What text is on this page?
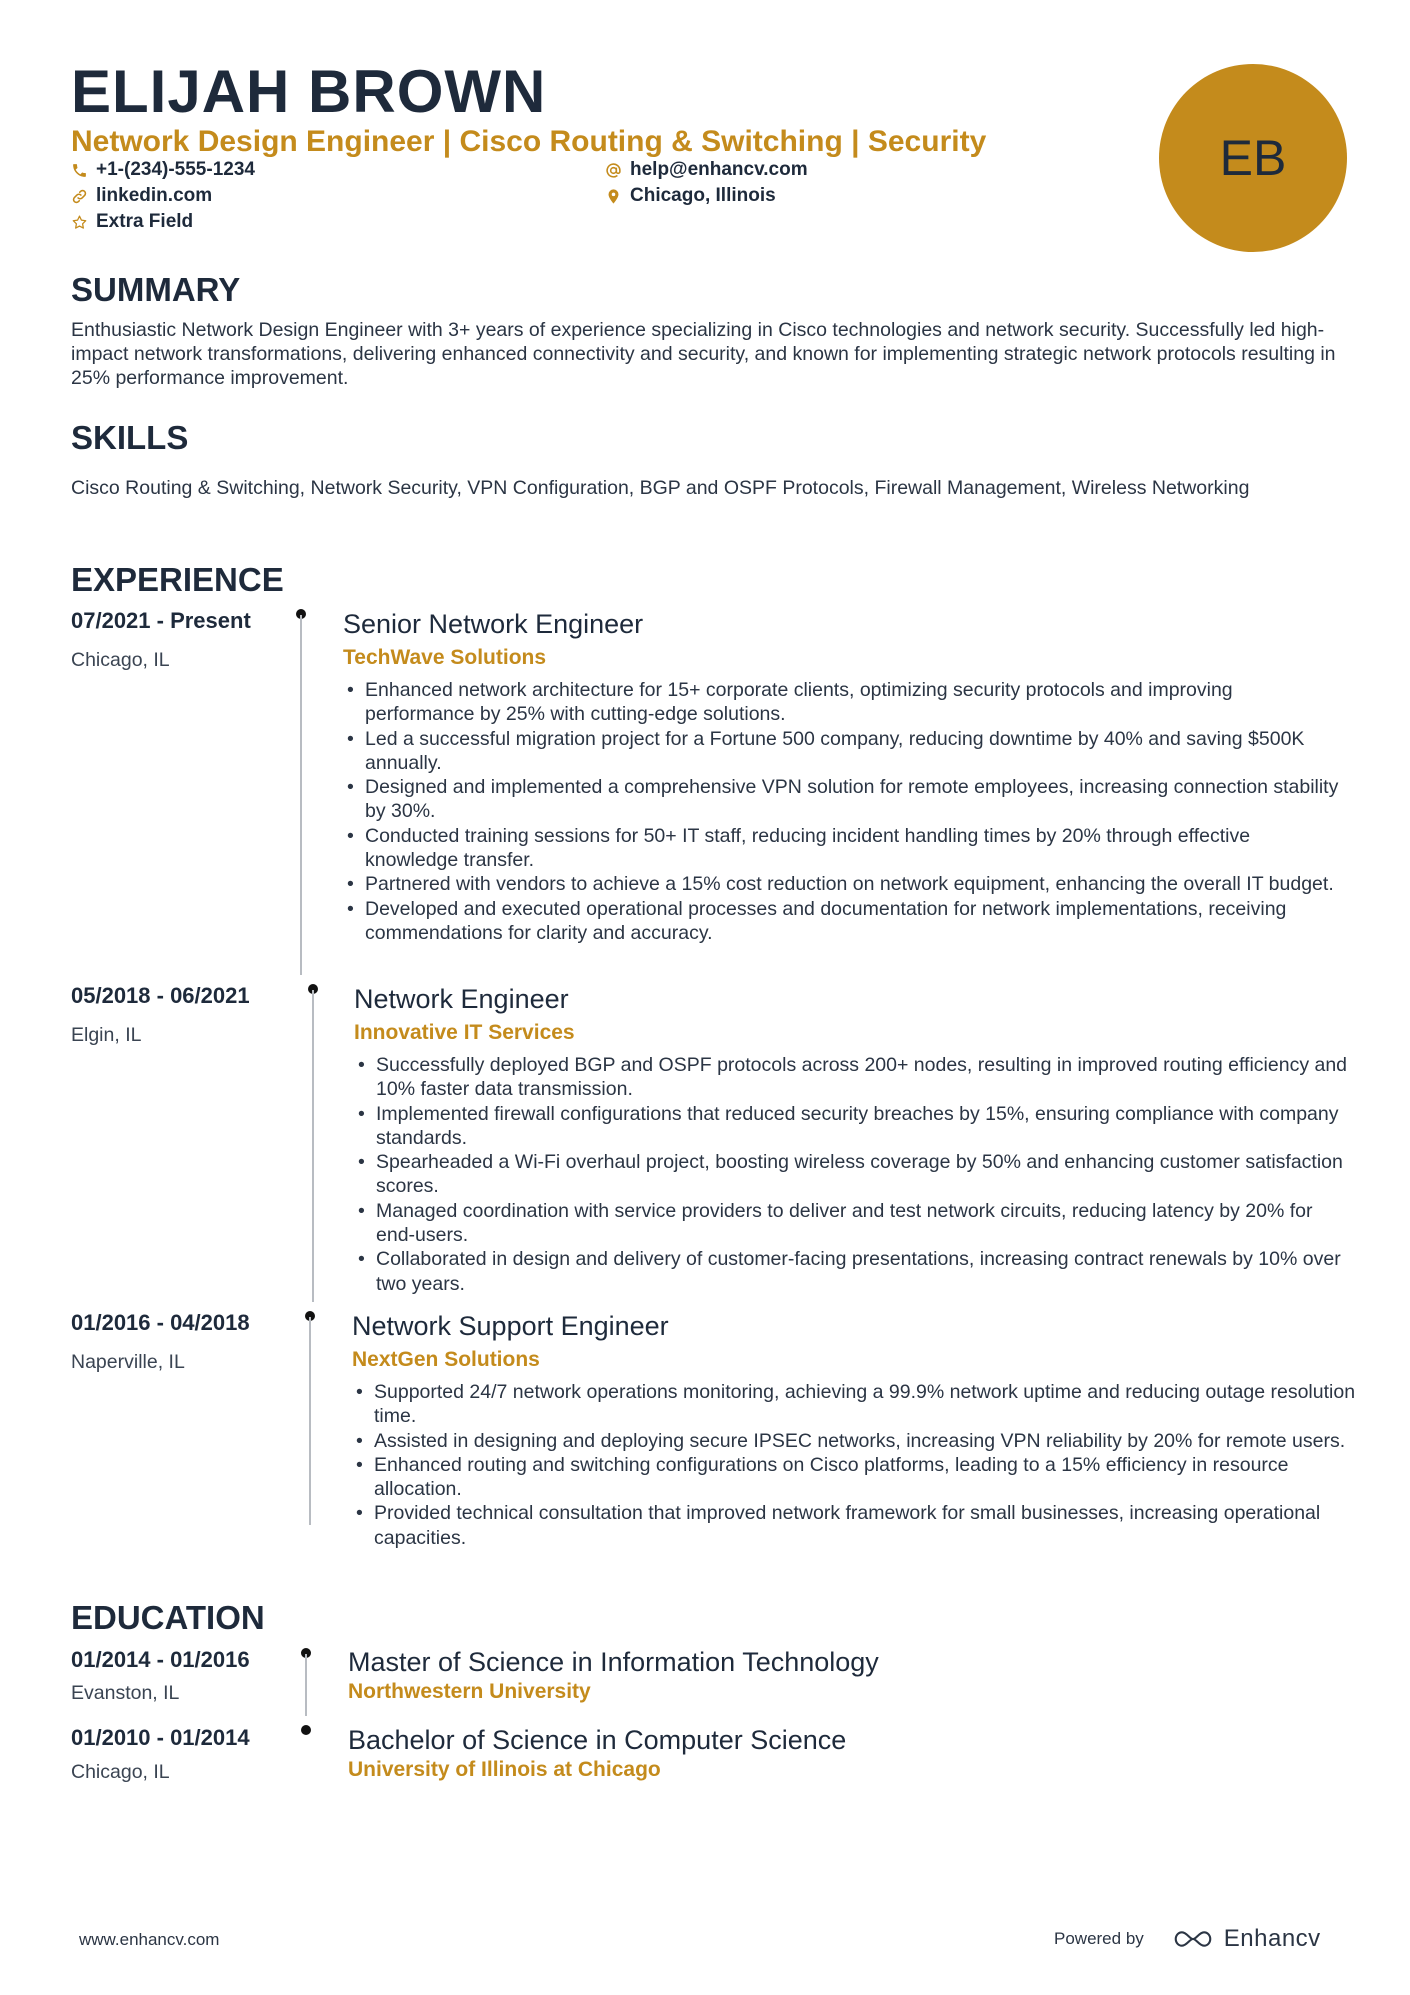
ELIJAH BROWN
Network Design Engineer | Cisco Routing & Switching | Security
+1-(234)-555-1234	help@enhancv.com
linkedin.com	Chicago, Illinois
Extra Field
EB
SUMMARY
Enthusiastic Network Design Engineer with 3+ years of experience specializing in Cisco technologies and network security. Successfully led high-impact network transformations, delivering enhanced connectivity and security, and known for implementing strategic network protocols resulting in 25% performance improvement.
SKILLS
Cisco Routing & Switching, Network Security, VPN Configuration, BGP and OSPF Protocols, Firewall Management, Wireless Networking
EXPERIENCE
07/2021 - Present
Chicago, IL
Senior Network Engineer
TechWave Solutions
• Enhanced network architecture for 15+ corporate clients, optimizing security protocols and improving performance by 25% with cutting-edge solutions.
• Led a successful migration project for a Fortune 500 company, reducing downtime by 40% and saving $500K annually.
• Designed and implemented a comprehensive VPN solution for remote employees, increasing connection stability by 30%.
• Conducted training sessions for 50+ IT staff, reducing incident handling times by 20% through effective knowledge transfer.
• Partnered with vendors to achieve a 15% cost reduction on network equipment, enhancing the overall IT budget.
• Developed and executed operational processes and documentation for network implementations, receiving commendations for clarity and accuracy.
05/2018 - 06/2021
Elgin, IL
Network Engineer
Innovative IT Services
• Successfully deployed BGP and OSPF protocols across 200+ nodes, resulting in improved routing efficiency and 10% faster data transmission.
• Implemented firewall configurations that reduced security breaches by 15%, ensuring compliance with company standards.
• Spearheaded a Wi-Fi overhaul project, boosting wireless coverage by 50% and enhancing customer satisfaction scores.
• Managed coordination with service providers to deliver and test network circuits, reducing latency by 20% for end-users.
• Collaborated in design and delivery of customer-facing presentations, increasing contract renewals by 10% over two years.
01/2016 - 04/2018
Naperville, IL
Network Support Engineer
NextGen Solutions
• Supported 24/7 network operations monitoring, achieving a 99.9% network uptime and reducing outage resolution time.
• Assisted in designing and deploying secure IPSEC networks, increasing VPN reliability by 20% for remote users.
• Enhanced routing and switching configurations on Cisco platforms, leading to a 15% efficiency in resource allocation.
• Provided technical consultation that improved network framework for small businesses, increasing operational capacities.
EDUCATION
01/2014 - 01/2016
Evanston, IL
Master of Science in Information Technology
Northwestern University
01/2010 - 01/2014
Chicago, IL
Bachelor of Science in Computer Science
University of Illinois at Chicago
www.enhancv.com	Powered by	Enhancv
